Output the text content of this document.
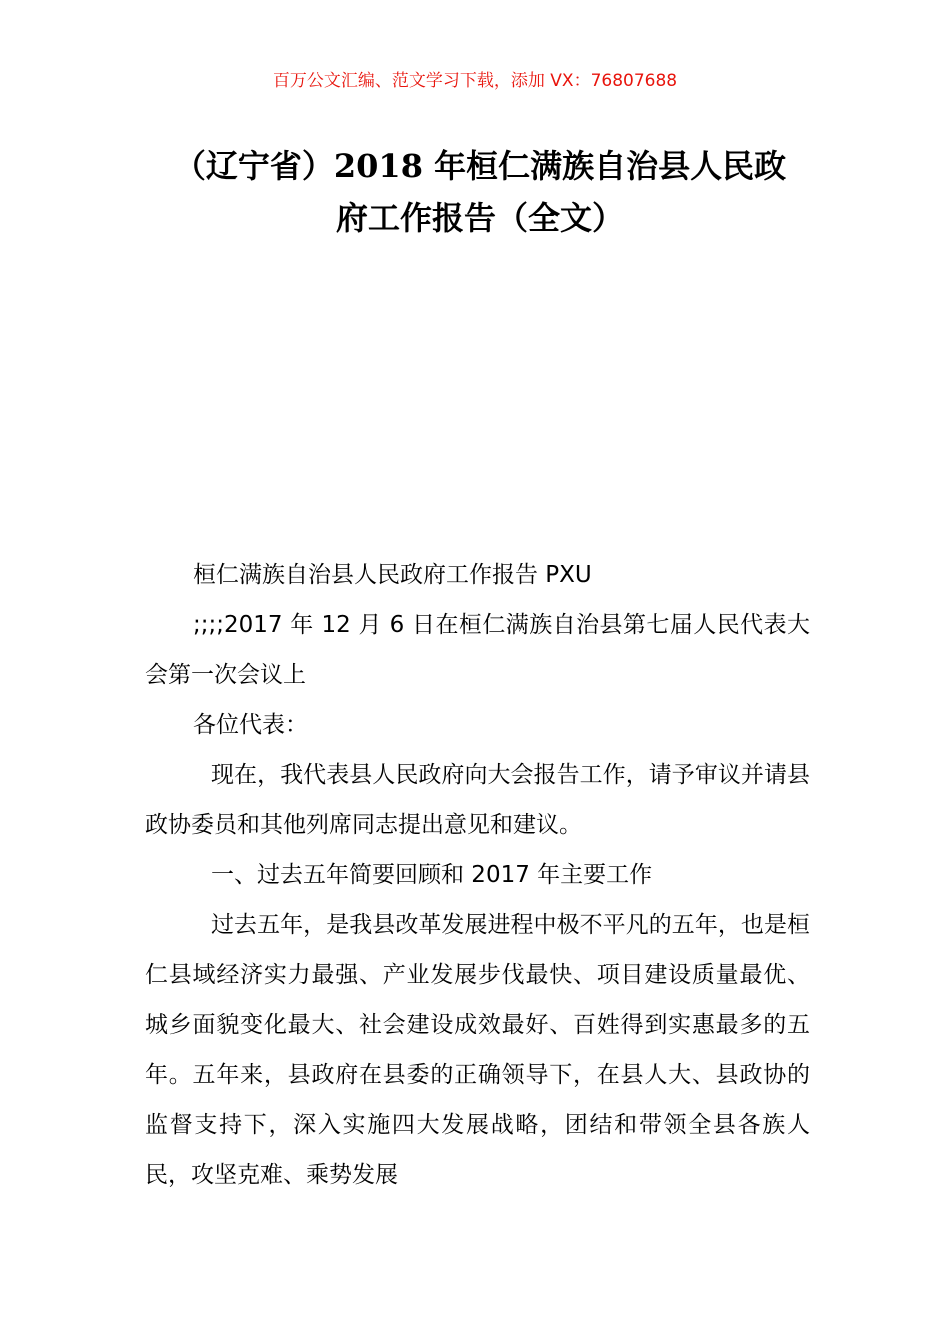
百万公文汇编、范文学习下载，添加 VX：76807688
（辽宁省）2018 年桓仁满族自治县人民政
府工作报告（全文）

桓仁满族自治县人民政府工作报告 PXU

;;;;2017 年 12 月 6 日在桓仁满族自治县第七届人民代表大会第一次会议上

各位代表：

现在，我代表县人民政府向大会报告工作，请予审议并请县政协委员和其他列席同志提出意见和建议。

一、过去五年简要回顾和 2017 年主要工作

过去五年，是我县改革发展进程中极不平凡的五年，也是桓仁县域经济实力最强、产业发展步伐最快、项目建设质量最优、城乡面貌变化最大、社会建设成效最好、百姓得到实惠最多的五年。五年来，县政府在县委的正确领导下，在县人大、县政协的监督支持下，深入实施四大发展战略，团结和带领全县各族人民，攻坚克难、乘势发展
